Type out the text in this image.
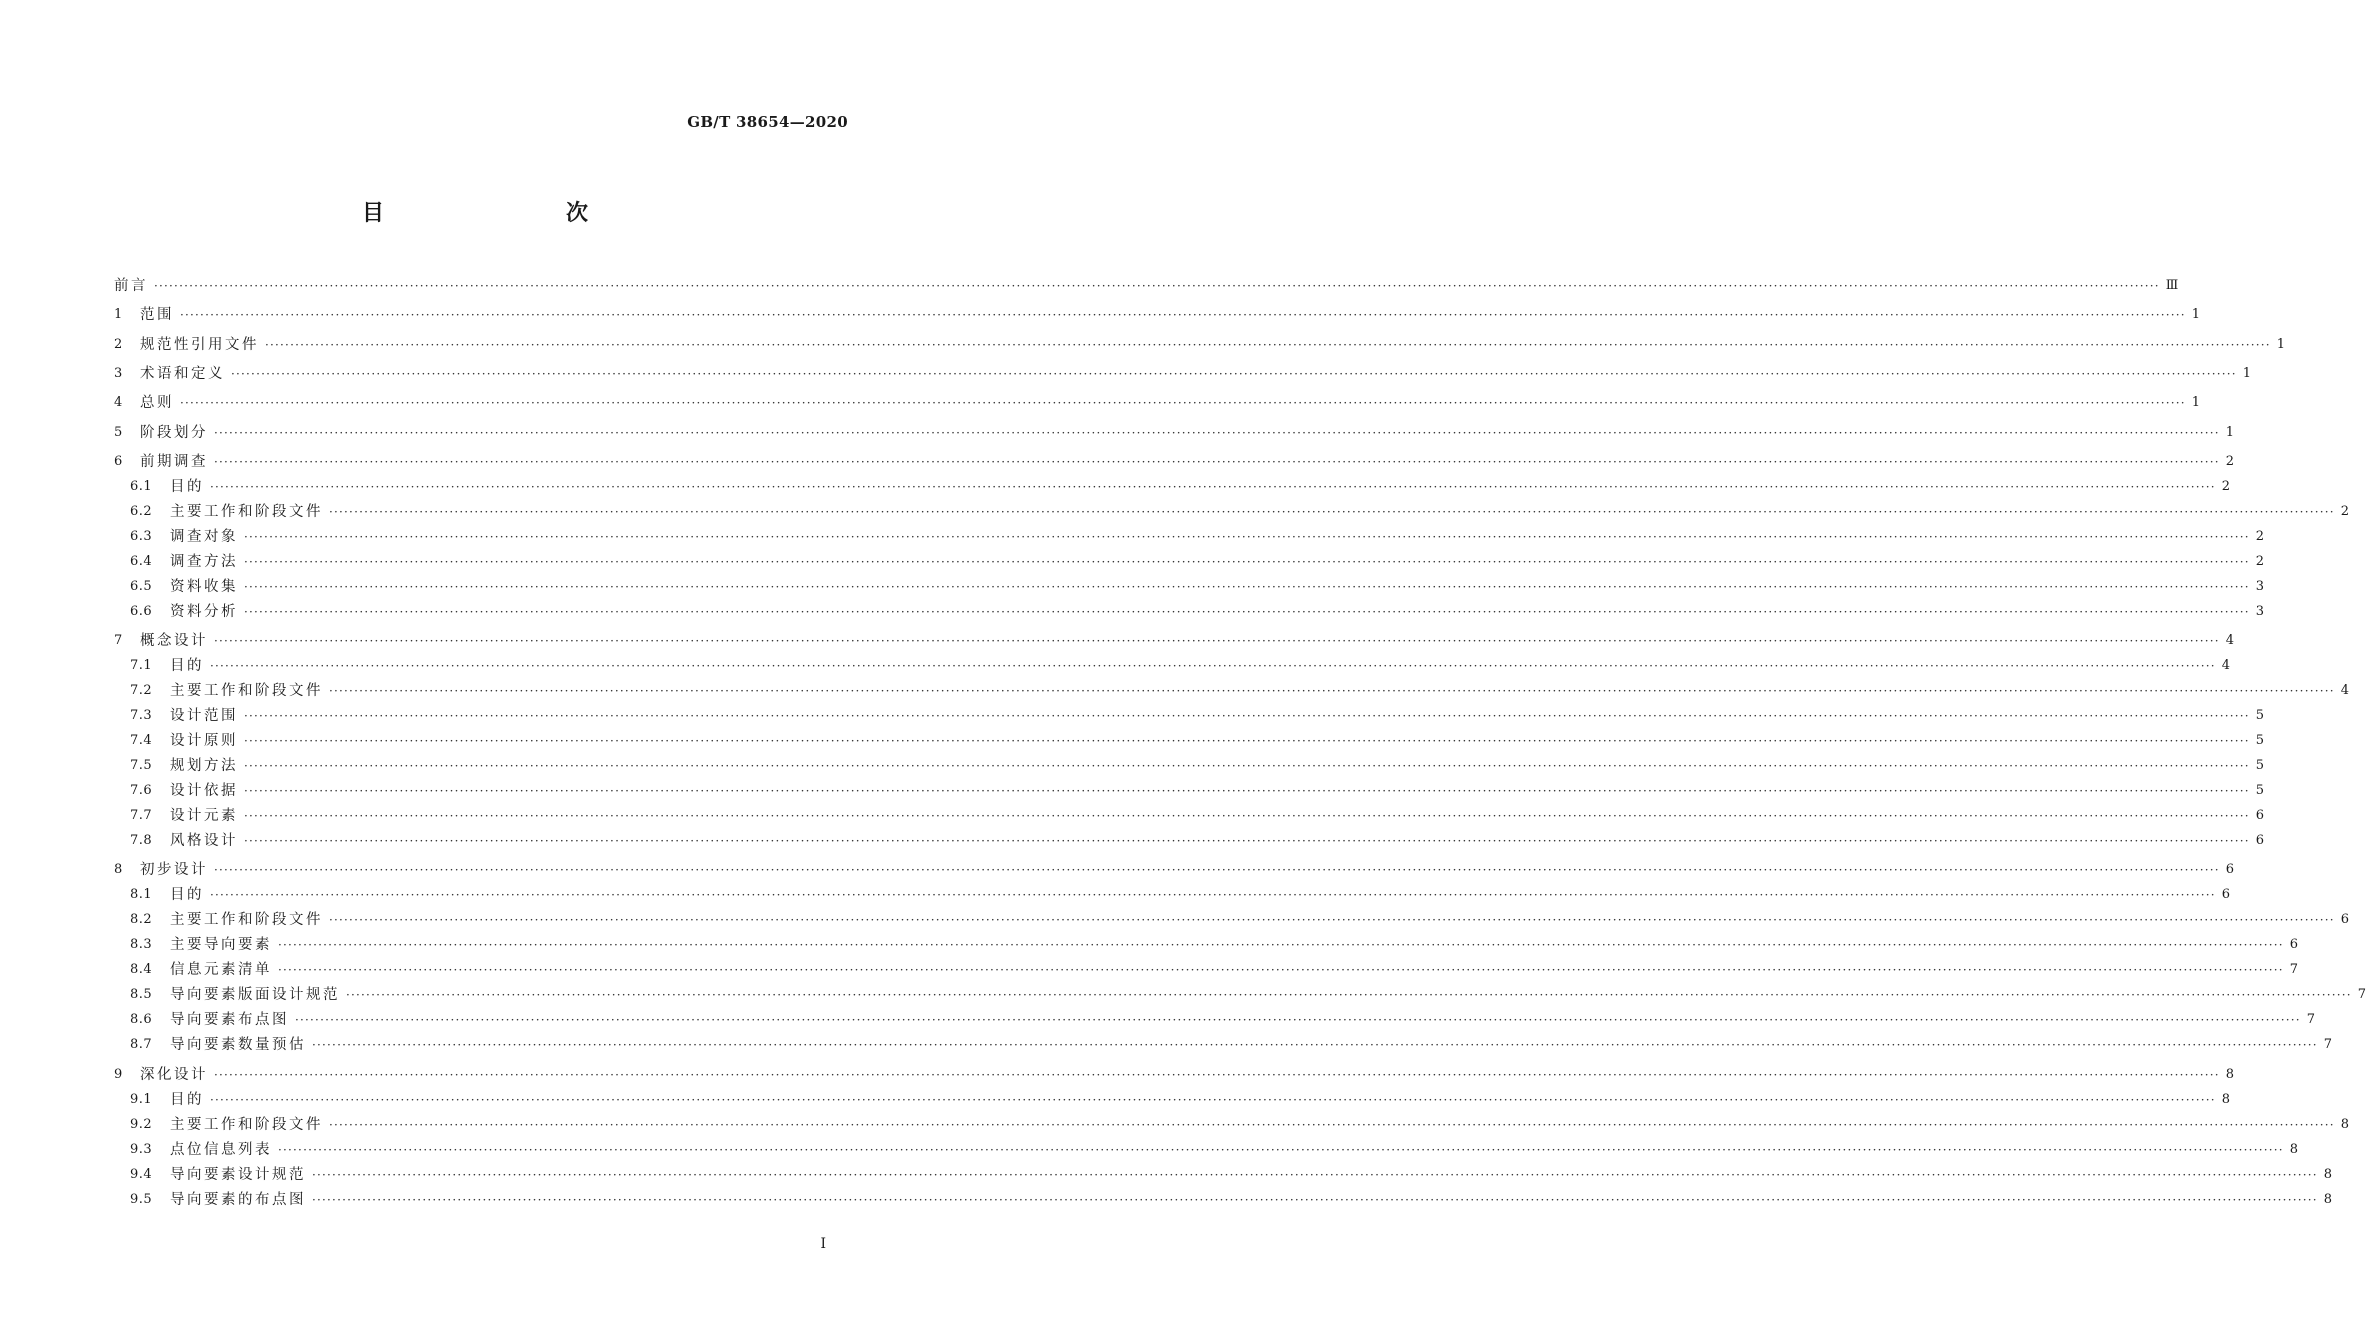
GB/T 38654—2020
目　　次
前言 ················································································································································································································································································································································································································ Ⅲ
1	范围 ················································································································································································································································································································································································································ 1
2	规范性引用文件 ················································································································································································································································································································································································································ 1
3	术语和定义 ················································································································································································································································································································································································································ 1
4	总则 ················································································································································································································································································································································································································ 1
5	阶段划分 ················································································································································································································································································································································································································ 1
6	前期调查 ················································································································································································································································································································································································································ 2
6.1	目的 ················································································································································································································································································································································································································ 2
6.2	主要工作和阶段文件 ················································································································································································································································································································································································································ 2
6.3	调查对象 ················································································································································································································································································································································································································ 2
6.4	调查方法 ················································································································································································································································································································································································································ 2
6.5	资料收集 ················································································································································································································································································································································································································ 3
6.6	资料分析 ················································································································································································································································································································································································································ 3
7	概念设计 ················································································································································································································································································································································································································ 4
7.1	目的 ················································································································································································································································································································································································································ 4
7.2	主要工作和阶段文件 ················································································································································································································································································································································································································ 4
7.3	设计范围 ················································································································································································································································································································································································································ 5
7.4	设计原则 ················································································································································································································································································································································································································ 5
7.5	规划方法 ················································································································································································································································································································································································································ 5
7.6	设计依据 ················································································································································································································································································································································································································ 5
7.7	设计元素 ················································································································································································································································································································································································································ 6
7.8	风格设计 ················································································································································································································································································································································································································ 6
8	初步设计 ················································································································································································································································································································································································································ 6
8.1	目的 ················································································································································································································································································································································································································ 6
8.2	主要工作和阶段文件 ················································································································································································································································································································································································································ 6
8.3	主要导向要素 ················································································································································································································································································································································································································ 6
8.4	信息元素清单 ················································································································································································································································································································································································································ 7
8.5	导向要素版面设计规范 ················································································································································································································································································································································································································ 7
8.6	导向要素布点图 ················································································································································································································································································································································································································ 7
8.7	导向要素数量预估 ················································································································································································································································································································································································································ 7
9	深化设计 ················································································································································································································································································································································································································ 8
9.1	目的 ················································································································································································································································································································································································································ 8
9.2	主要工作和阶段文件 ················································································································································································································································································································································································································ 8
9.3	点位信息列表 ················································································································································································································································································································································································································ 8
9.4	导向要素设计规范 ················································································································································································································································································································································································································ 8
9.5	导向要素的布点图 ················································································································································································································································································································································································································ 8
I
